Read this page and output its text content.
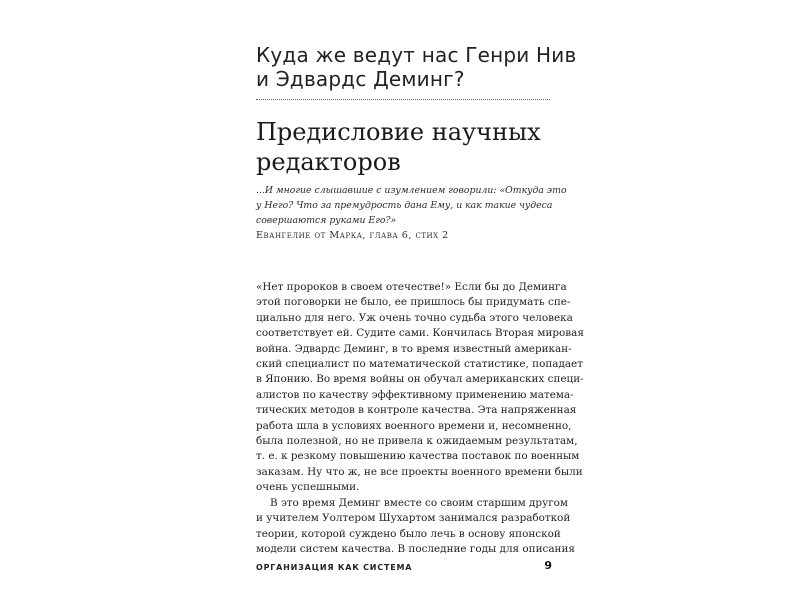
Куда же ведут нас Генри Нив
и Эдвардс Деминг?
Предисловие научных
редакторов
...И многие слышавшие с изумлением говорили: «Откуда это
у Него? Что за премудрость дана Ему, и как такие чудеса
совершаются руками Его?»
Евангелие от Марка, глава 6, стих 2
«Нет пророков в своем отечестве!» Если бы до Деминга
этой поговорки не было, ее пришлось бы придумать спе-
циально для него. Уж очень точно судьба этого человека
соответствует ей. Судите сами. Кончилась Вторая мировая
война. Эдвардс Деминг, в то время известный американ-
ский специалист по математической статистике, попадает
в Японию. Во время войны он обучал американских специ-
алистов по качеству эффективному применению матема-
тических методов в контроле качества. Эта напряженная
работа шла в условиях военного времени и, несомненно,
была полезной, но не привела к ожидаемым результатам,
т. е. к резкому повышению качества поставок по военным
заказам. Ну что ж, не все проекты военного времени были
очень успешными.
В это время Деминг вместе со своим старшим другом
и учителем Уолтером Шухартом занимался разработкой
теории, которой суждено было лечь в основу японской
модели систем качества. В последние годы для описания
ОРГАНИЗАЦИЯ КАК СИСТЕМА	9
